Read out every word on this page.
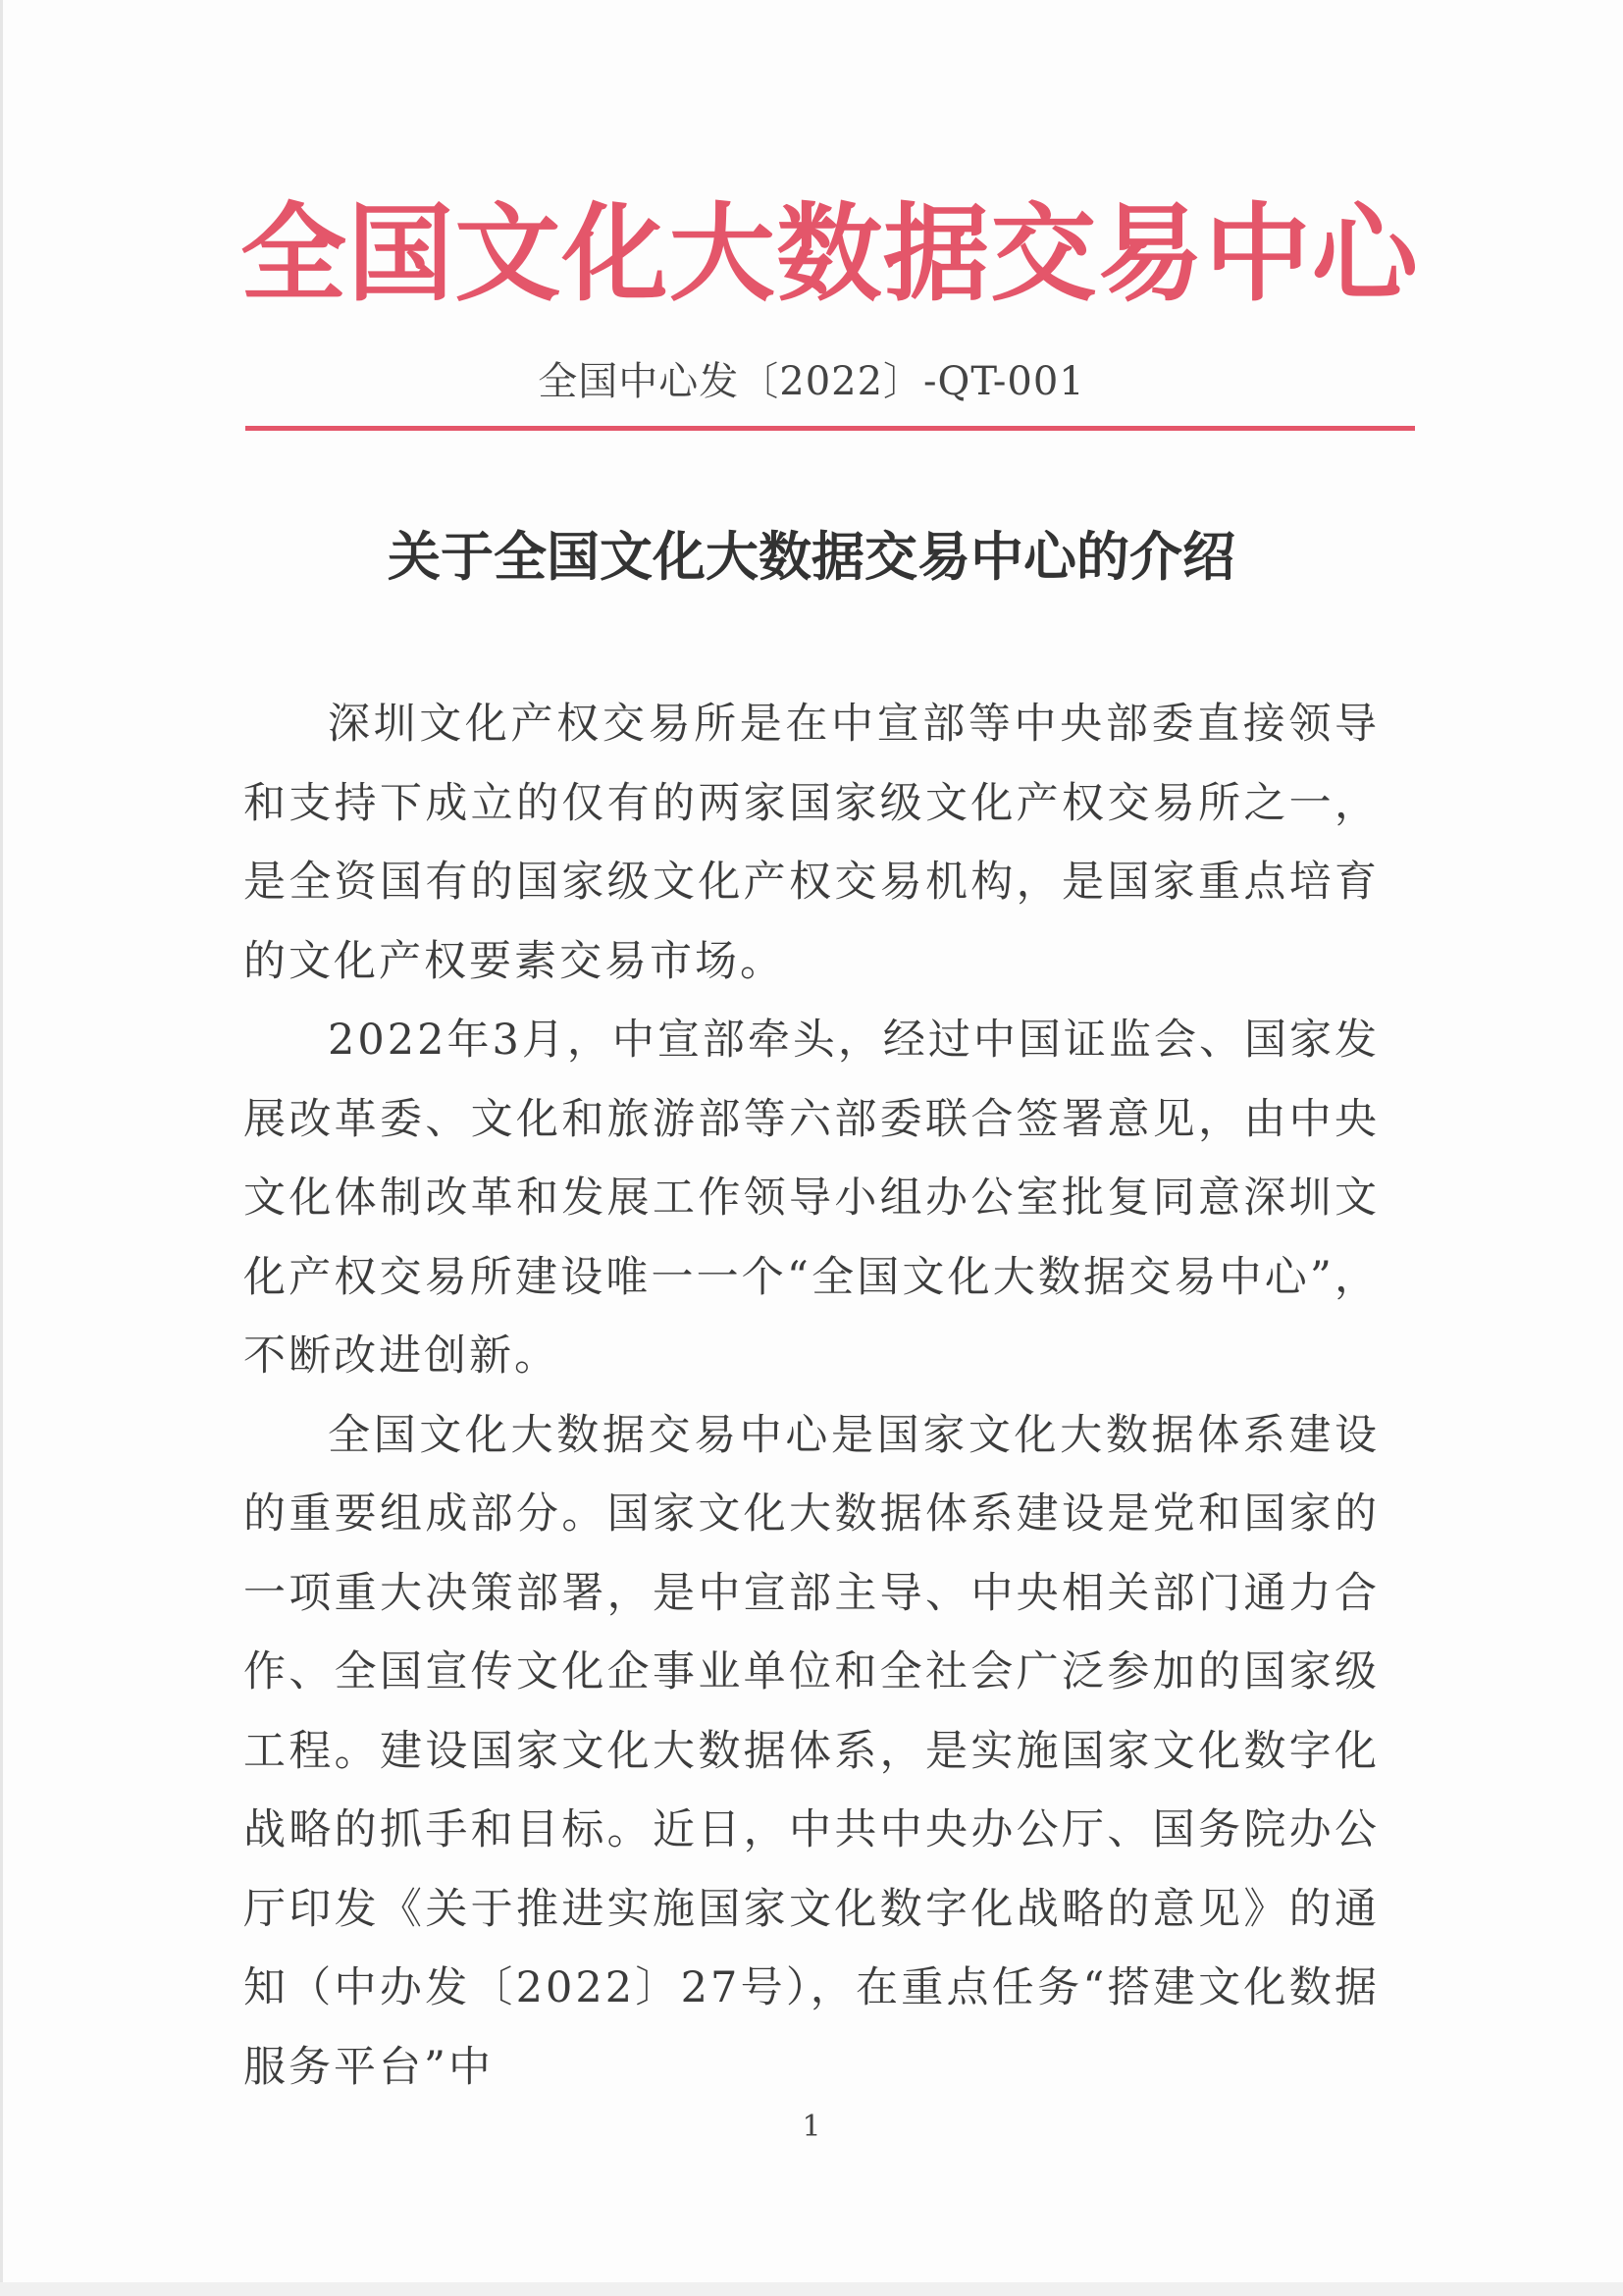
全 国 文 化 大 数 据 交 易 中 心
全国中心发〔2022〕-QT-001
关于全国文化大数据交易中心的介绍

深圳文化产权交易所是在中宣部等中央部委直接领导和支持下成立的仅有的两家国家级文化产权交易所之一，是全资国有的国家级文化产权交易机构，是国家重点培育的文化产权要素交易市场。

2022年3月，中宣部牵头，经过中国证监会、国家发展改革委、文化和旅游部等六部委联合签署意见，由中央文化体制改革和发展工作领导小组办公室批复同意深圳文化产权交易所建设唯一一个“全国文化大数据交易中心”，不断改进创新。

全国文化大数据交易中心是国家文化大数据体系建设的重要组成部分。国家文化大数据体系建设是党和国家的一项重大决策部署，是中宣部主导、中央相关部门通力合作、全国宣传文化企事业单位和全社会广泛参加的国家级工程。建设国家文化大数据体系，是实施国家文化数字化战略的抓手和目标。近日，中共中央办公厅、国务院办公厅印发《关于推进实施国家文化数字化战略的意见》的通知（中办发〔2022〕27号），在重点任务“搭建文化数据服务平台”中

1
